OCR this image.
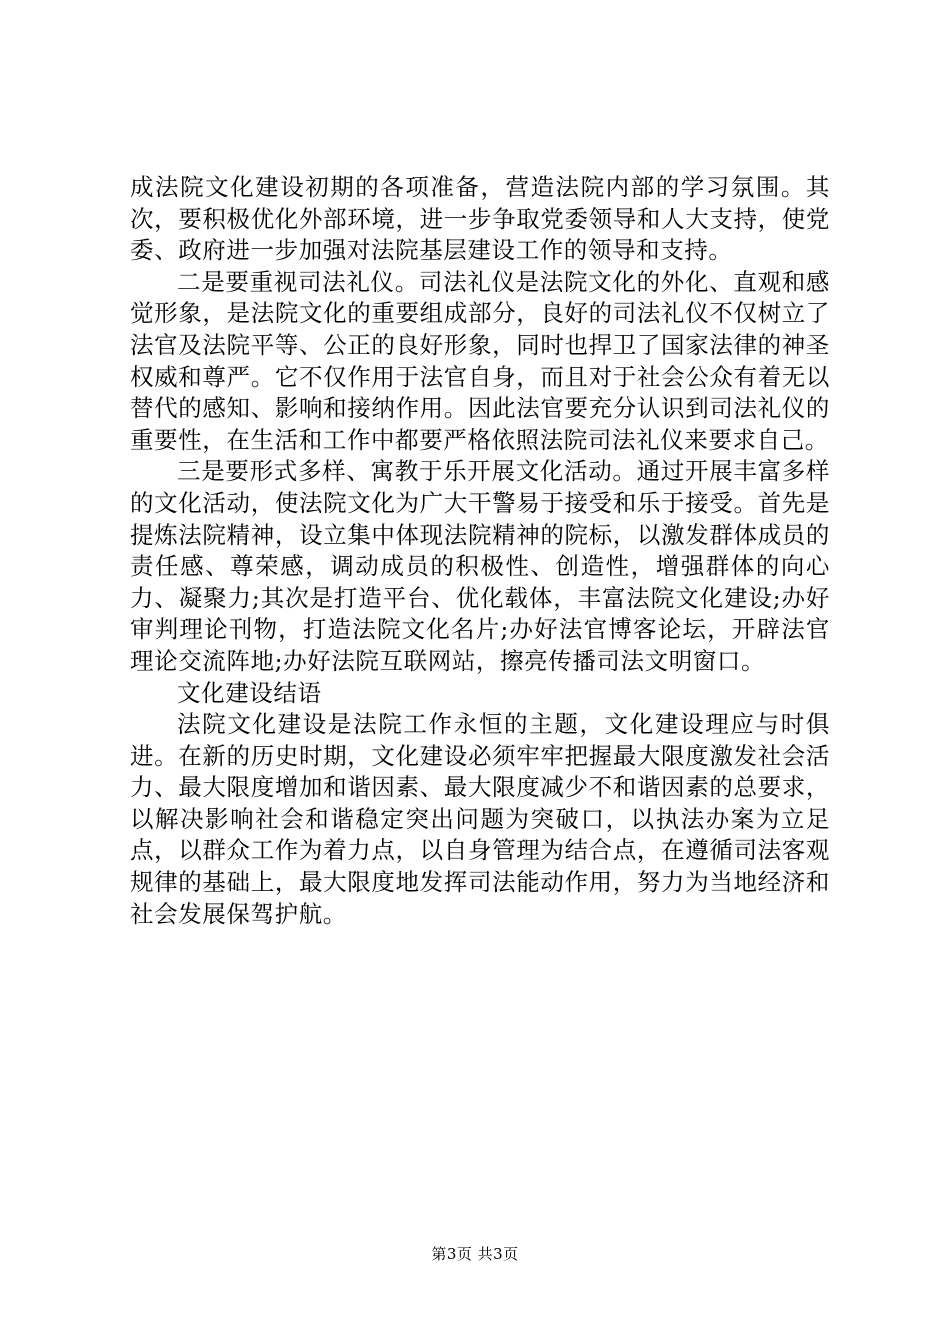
成法院文化建设初期的各项准备，营造法院内部的学习氛围。其次，要积极优化外部环境，进一步争取党委领导和人大支持，使党委、政府进一步加强对法院基层建设工作的领导和支持。

二是要重视司法礼仪。司法礼仪是法院文化的外化、直观和感觉形象，是法院文化的重要组成部分，良好的司法礼仪不仅树立了法官及法院平等、公正的良好形象，同时也捍卫了国家法律的神圣权威和尊严。它不仅作用于法官自身，而且对于社会公众有着无以替代的感知、影响和接纳作用。因此法官要充分认识到司法礼仪的重要性，在生活和工作中都要严格依照法院司法礼仪来要求自己。

三是要形式多样、寓教于乐开展文化活动。通过开展丰富多样的文化活动，使法院文化为广大干警易于接受和乐于接受。首先是提炼法院精神，设立集中体现法院精神的院标，以激发群体成员的责任感、尊荣感，调动成员的积极性、创造性，增强群体的向心力、凝聚力;其次是打造平台、优化载体，丰富法院文化建设;办好审判理论刊物，打造法院文化名片;办好法官博客论坛，开辟法官理论交流阵地;办好法院互联网站，擦亮传播司法文明窗口。

文化建设结语

法院文化建设是法院工作永恒的主题，文化建设理应与时俱进。在新的历史时期，文化建设必须牢牢把握最大限度激发社会活力、最大限度增加和谐因素、最大限度减少不和谐因素的总要求，以解决影响社会和谐稳定突出问题为突破口，以执法办案为立足点，以群众工作为着力点，以自身管理为结合点，在遵循司法客观规律的基础上，最大限度地发挥司法能动作用，努力为当地经济和社会发展保驾护航。

第3页 共3页
